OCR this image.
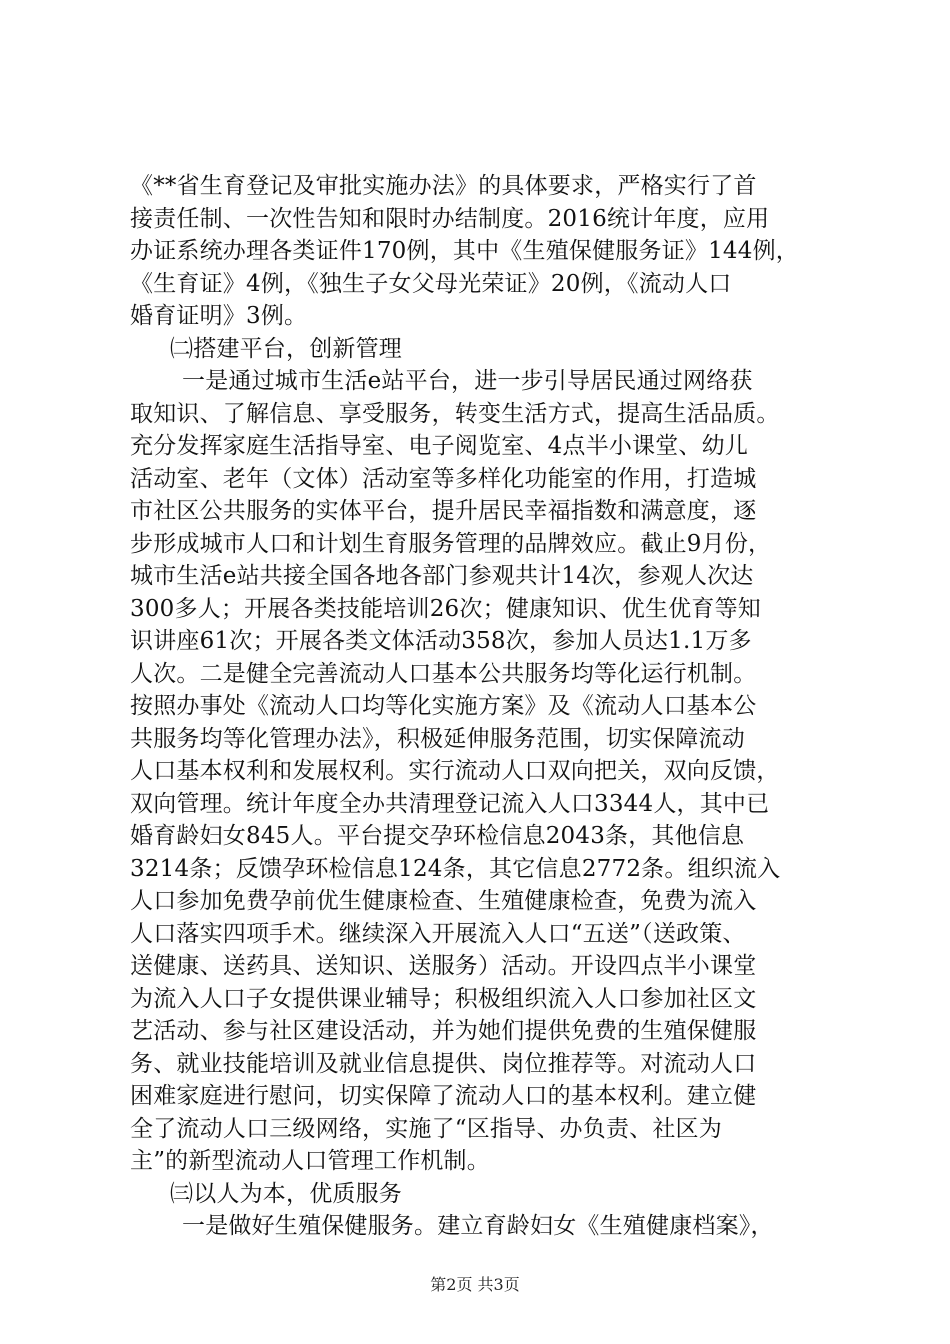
《**省生育登记及审批实施办法》的具体要求，严格实行了首
接责任制、一次性告知和限时办结制度。2016统计年度，应用
办证系统办理各类证件170例，其中《生殖保健服务证》144例，
《生育证》4例，《独生子女父母光荣证》20例，《流动人口
婚育证明》3例。
㈡搭建平台，创新管理
一是通过城市生活e站平台，进一步引导居民通过网络获
取知识、了解信息、享受服务，转变生活方式，提高生活品质。
充分发挥家庭生活指导室、电子阅览室、4点半小课堂、幼儿
活动室、老年（文体）活动室等多样化功能室的作用，打造城
市社区公共服务的实体平台，提升居民幸福指数和满意度，逐
步形成城市人口和计划生育服务管理的品牌效应。截止9月份，
城市生活e站共接全国各地各部门参观共计14次，参观人次达
300多人；开展各类技能培训26次；健康知识、优生优育等知
识讲座61次；开展各类文体活动358次，参加人员达1.1万多
人次。二是健全完善流动人口基本公共服务均等化运行机制。
按照办事处《流动人口均等化实施方案》及《流动人口基本公
共服务均等化管理办法》，积极延伸服务范围，切实保障流动
人口基本权利和发展权利。实行流动人口双向把关，双向反馈，
双向管理。统计年度全办共清理登记流入人口3344人，其中已
婚育龄妇女845人。平台提交孕环检信息2043条，其他信息
3214条；反馈孕环检信息124条，其它信息2772条。组织流入
人口参加免费孕前优生健康检查、生殖健康检查，免费为流入
人口落实四项手术。继续深入开展流入人口“五送”（送政策、
送健康、送药具、送知识、送服务）活动。开设四点半小课堂
为流入人口子女提供课业辅导；积极组织流入人口参加社区文
艺活动、参与社区建设活动，并为她们提供免费的生殖保健服
务、就业技能培训及就业信息提供、岗位推荐等。对流动人口
困难家庭进行慰问，切实保障了流动人口的基本权利。建立健
全了流动人口三级网络，实施了“区指导、办负责、社区为
主”的新型流动人口管理工作机制。
㈢以人为本，优质服务
一是做好生殖保健服务。建立育龄妇女《生殖健康档案》，
第2页 共3页
